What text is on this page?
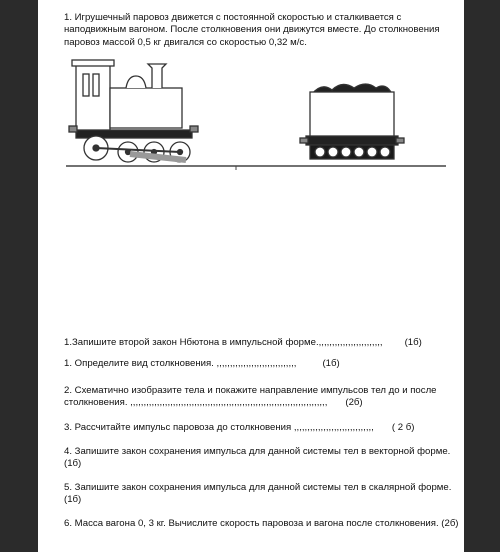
1. Игрушечный паровоз движется с постоянной скоростью и сталкивается с наподвижным вагоном. После столкновения они движутся вместе. До столкновения паровоз массой 0,5 кг двигался со скоростью 0,32 м/с.
1.Запишите второй закон Нбютона в импульсной форме.,,,,,,,,,,,,,,,,,,,,,,,, (1б)
1. Определите вид столкновения. ,,,,,,,,,,,,,,,,,,,,,,,,,,,,,,	(1б)
2. Схематично изобразите тела и покажите направление импульсов тел до и после столкновения. ,,,,,,,,,,,,,,,,,,,,,,,,,,,,,,,,,,,,,,,,,,,,,,,,,,,,,,,,,,,,,,,,,,,,,,,,,, (2б)
3. Рассчитайте импульс паровоза до столкновения ,,,,,,,,,,,,,,,,,,,,,,,,,,,,,, ( 2 б)
4. Запишите закон сохранения импульса для данной системы тел в векторной форме. (1б)
5. Запишите закон сохранения импульса для данной системы тел в скалярной форме. (1б)
6. Масса вагона 0, 3 кг. Вычислите скорость паровоза и вагона после столкновения. (2б)
